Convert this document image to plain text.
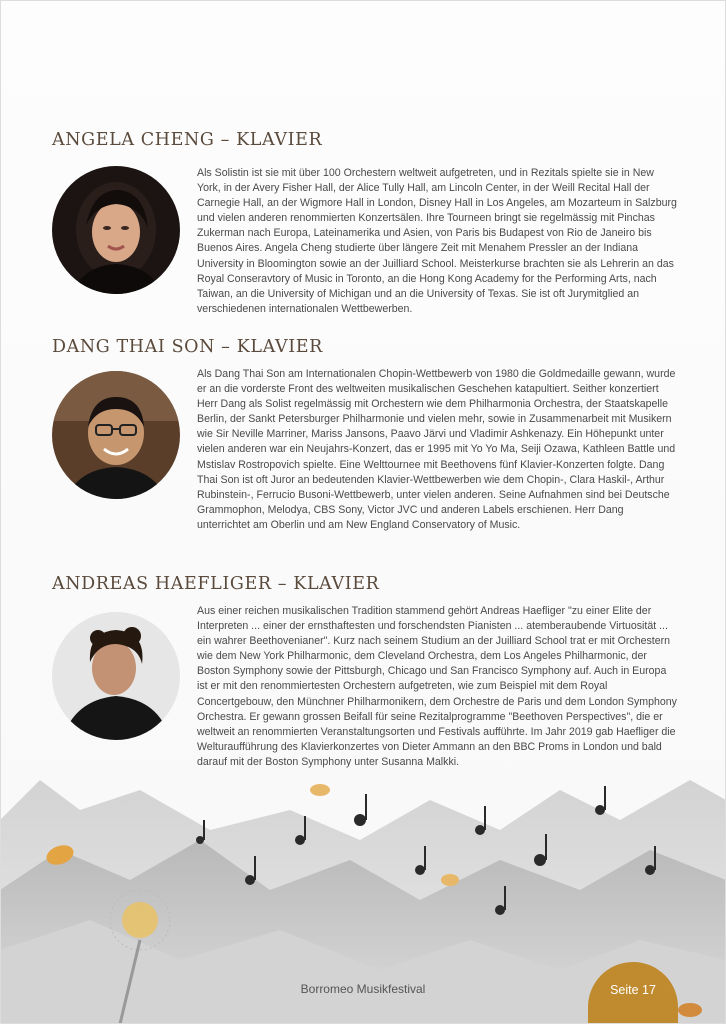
ANGELA CHENG – KLAVIER

Als Solistin ist sie mit über 100 Orchestern weltweit aufgetreten, und in Rezitals spielte sie in New York, in der Avery Fisher Hall, der Alice Tully Hall, am Lincoln Center, in der Weill Recital Hall der Carnegie Hall, an der Wigmore Hall in London, Disney Hall in Los Angeles, am Mozarteum in Salzburg und vielen anderen renommierten Konzertsälen. Ihre Tourneen bringt sie regelmässig mit Pinchas Zukerman nach Europa, Lateinamerika und Asien, von Paris bis Budapest von Rio de Janeiro bis Buenos Aires. Angela Cheng studierte über längere Zeit mit Menahem Pressler an der Indiana University in Bloomington sowie an der Juilliard School. Meisterkurse brachten sie als Lehrerin an das Royal Conseravtory of Music in Toronto, an die Hong Kong Academy for the Performing Arts, nach Taiwan, an die University of Michigan und an die University of Texas. Sie ist oft Jurymitglied an verschiedenen internationalen Wettbewerben.

DANG THAI SON – KLAVIER

Als Dang Thai Son am Internationalen Chopin-Wettbewerb von 1980 die Goldmedaille gewann, wurde er an die vorderste Front des weltweiten musikalischen Geschehen katapultiert. Seither konzertiert Herr Dang als Solist regelmässig mit Orchestern wie dem Philharmonia Orchestra, der Staatskapelle Berlin, der Sankt Petersburger Philharmonie und vielen mehr, sowie in Zusammenarbeit mit Musikern wie Sir Neville Marriner, Mariss Jansons, Paavo Järvi und Vladimir Ashkenazy. Ein Höhepunkt unter vielen anderen war ein Neujahrs-Konzert, das er 1995 mit Yo Yo Ma, Seiji Ozawa, Kathleen Battle und Mstislav Rostropovich spielte. Eine Welttournee mit Beethovens fünf Klavier-Konzerten folgte. Dang Thai Son ist oft Juror an bedeutenden Klavier-Wettbewerben wie dem Chopin-, Clara Haskil-, Arthur Rubinstein-, Ferrucio Busoni-Wettbewerb, unter vielen anderen. Seine Aufnahmen sind bei Deutsche Grammophon, Melodya, CBS Sony, Victor JVC und anderen Labels erschienen. Herr Dang unterrichtet am Oberlin und am New England Conservatory of Music.

ANDREAS HAEFLIGER – KLAVIER

Aus einer reichen musikalischen Tradition stammend gehört Andreas Haefliger "zu einer Elite der Interpreten ... einer der ernsthaftesten und forschendsten Pianisten ... atemberaubende Virtuosität ... ein wahrer Beethovenianer". Kurz nach seinem Studium an der Juilliard School trat er mit Orchestern wie dem New York Philharmonic, dem Cleveland Orchestra, dem Los Angeles Philharmonic, der Boston Symphony sowie der Pittsburgh, Chicago und San Francisco Symphony auf. Auch in Europa ist er mit den renommiertesten Orchestern aufgetreten, wie zum Beispiel mit dem Royal Concertgebouw, den Münchner Philharmonikern, dem Orchestre de Paris und dem London Symphony Orchestra. Er gewann grossen Beifall für seine Rezitalprogramme "Beethoven Perspectives", die er weltweit an renommierten Veranstaltungsorten und Festivals aufführte. Im Jahr 2019 gab Haefliger die Welturaufführung des Klavierkonzertes von Dieter Ammann an den BBC Proms in London und bald darauf mit der Boston Symphony unter Susanna Malkki.

Borromeo Musikfestival	Seite 17
